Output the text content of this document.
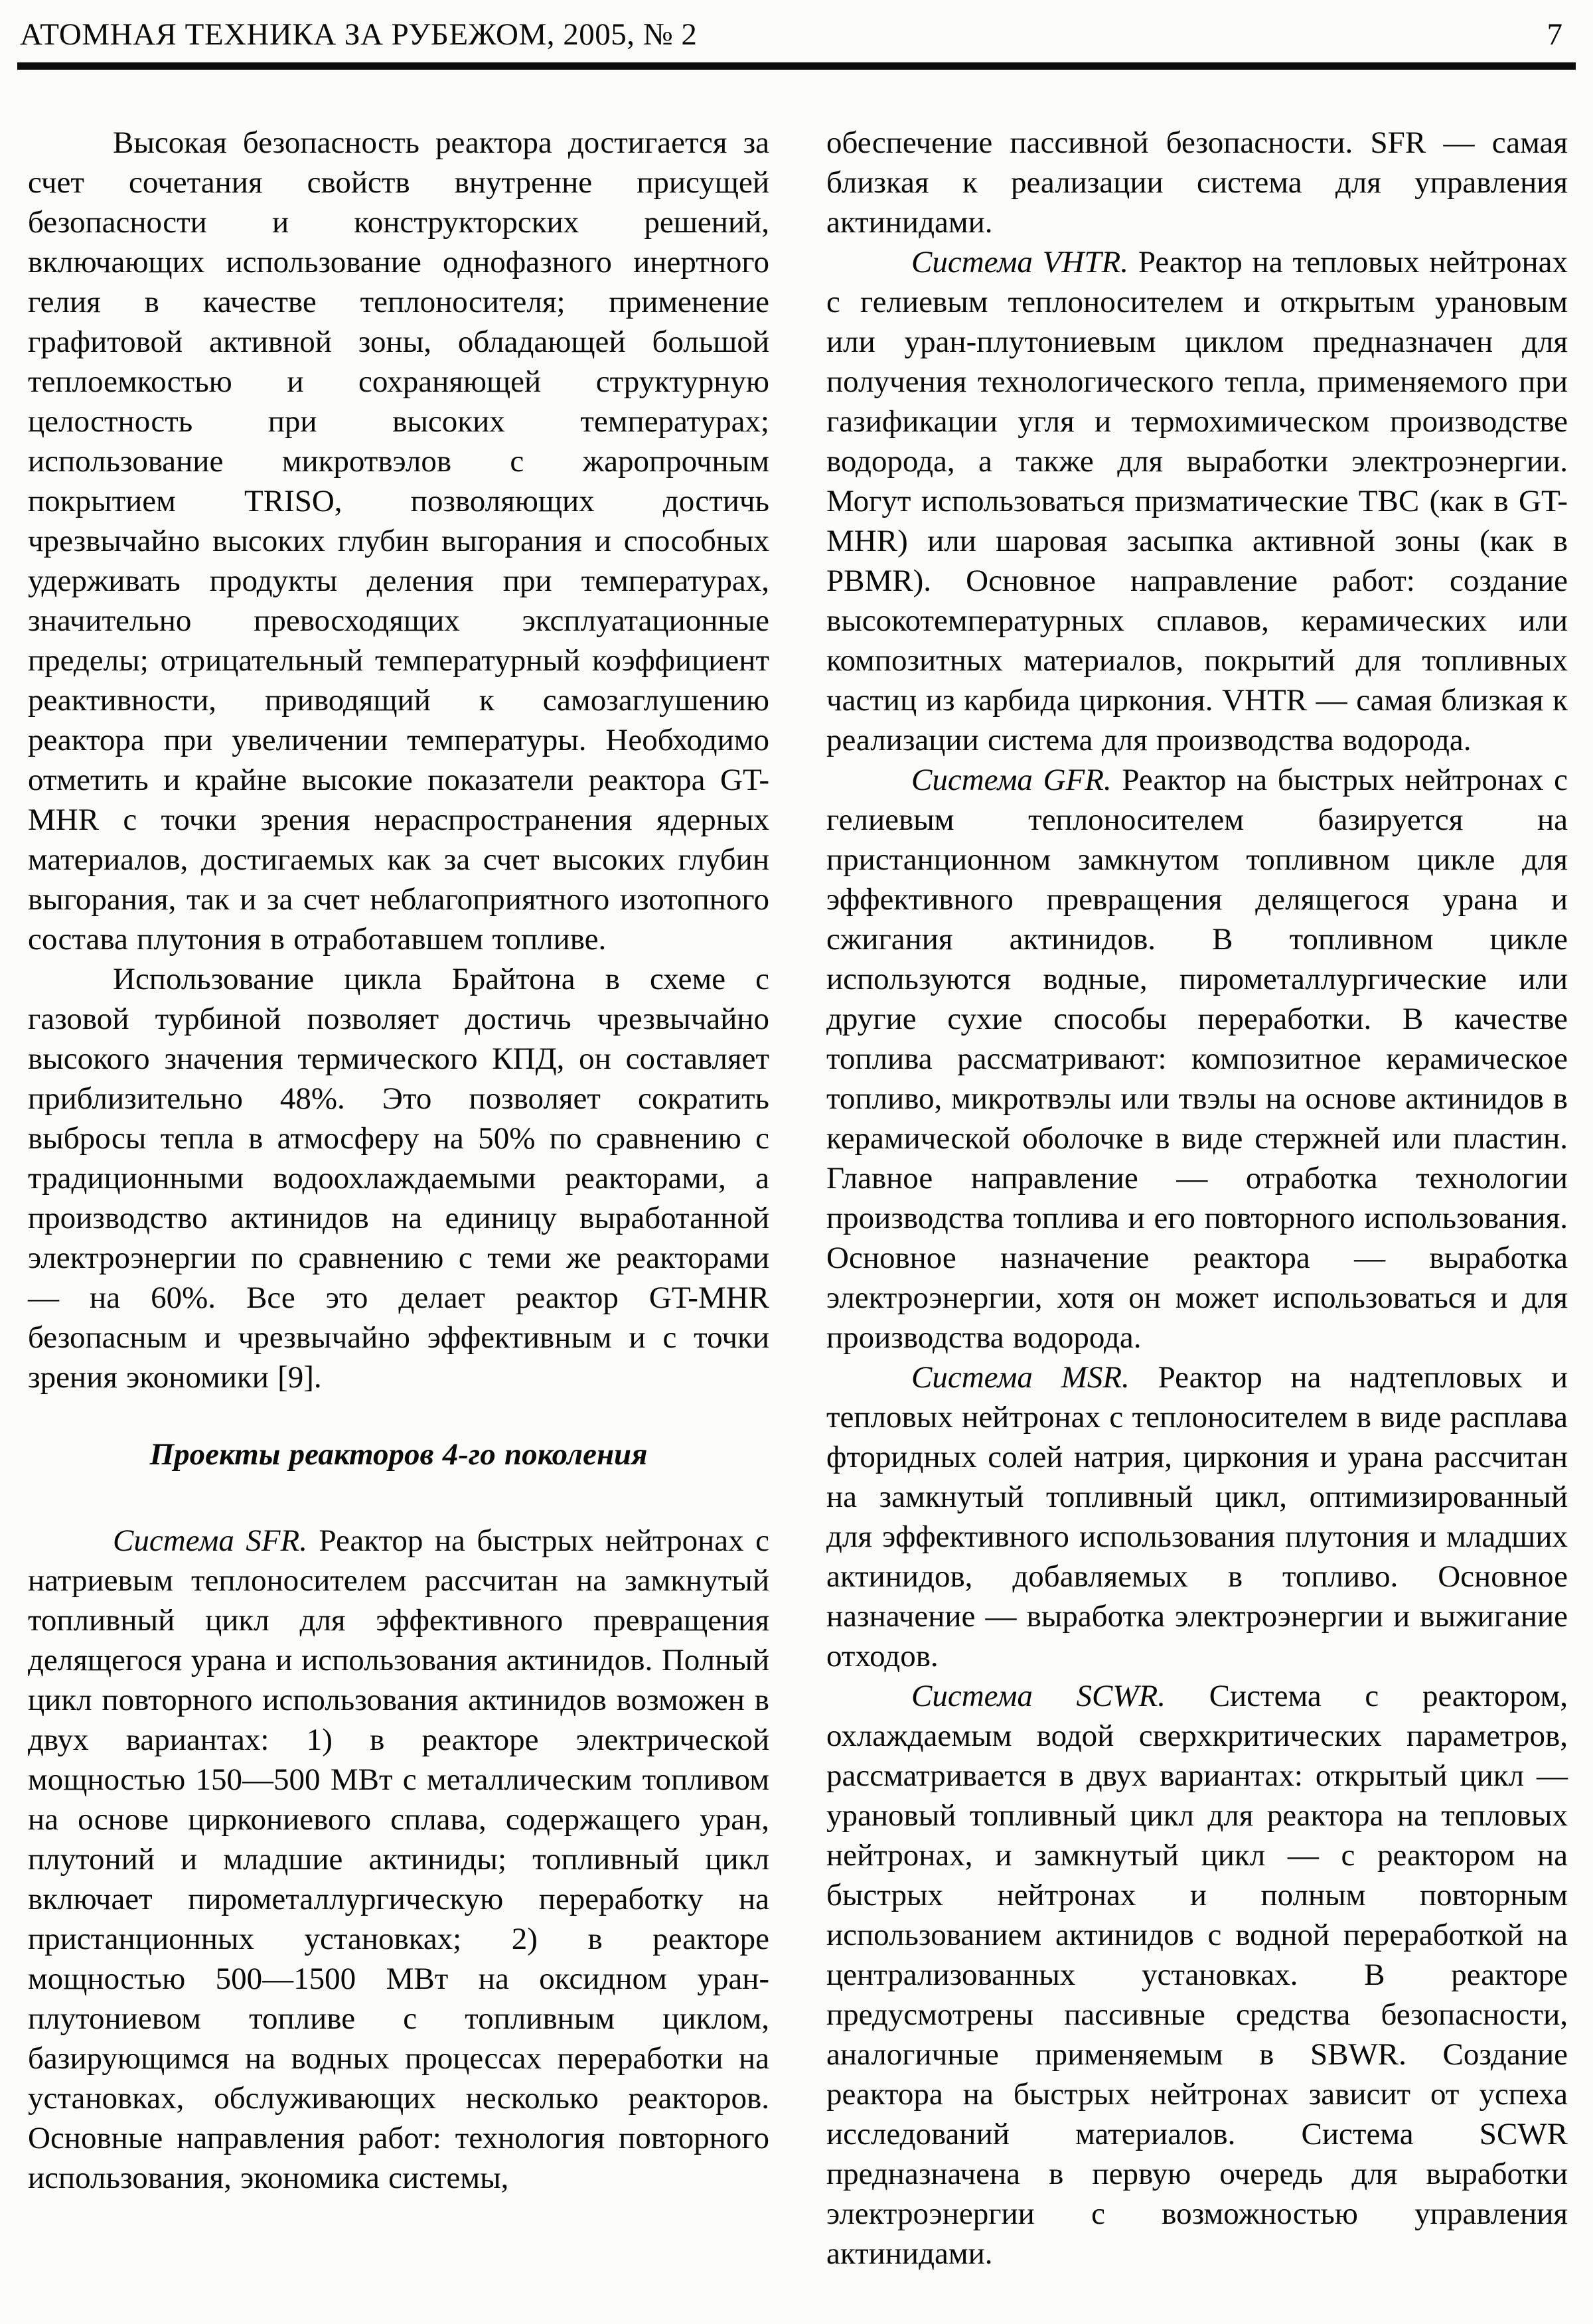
АТОМНАЯ ТЕХНИКА ЗА РУБЕЖОМ, 2005, № 2	7

Высокая безопасность реактора достигается за счет сочетания свойств внутренне присущей безопасности и конструкторских решений, включающих использование однофазного инертного гелия в качестве теплоносителя; применение графитовой активной зоны, обладающей большой теплоемкостью и сохраняющей структурную целостность при высоких температурах; использование микротвэлов с жаропрочным покрытием TRISO, позволяющих достичь чрезвычайно высоких глубин выгорания и способных удерживать продукты деления при температурах, значительно превосходящих эксплуатационные пределы; отрицательный температурный коэффициент реактивности, приводящий к самозаглушению реактора при увеличении температуры. Необходимо отметить и крайне высокие показатели реактора GT-MHR с точки зрения нераспространения ядерных материалов, достигаемых как за счет высоких глубин выгорания, так и за счет неблагоприятного изотопного состава плутония в отработавшем топливе.

Использование цикла Брайтона в схеме с газовой турбиной позволяет достичь чрезвычайно высокого значения термического КПД, он составляет приблизительно 48%. Это позволяет сократить выбросы тепла в атмосферу на 50% по сравнению с традиционными водоохлаждаемыми реакторами, а производство актинидов на единицу выработанной электроэнергии по сравнению с теми же реакторами — на 60%. Все это делает реактор GT-MHR безопасным и чрезвычайно эффективным и с точки зрения экономики [9].

Проекты реакторов 4-го поколения

Система SFR. Реактор на быстрых нейтронах с натриевым теплоносителем рассчитан на замкнутый топливный цикл для эффективного превращения делящегося урана и использования актинидов. Полный цикл повторного использования актинидов возможен в двух вариантах: 1) в реакторе электрической мощностью 150—500 МВт с металлическим топливом на основе циркониевого сплава, содержащего уран, плутоний и младшие актиниды; топливный цикл включает пирометаллургическую переработку на пристанционных установках; 2) в реакторе мощностью 500—1500 МВт на оксидном уран-плутониевом топливе с топливным циклом, базирующимся на водных процессах переработки на установках, обслуживающих несколько реакторов. Основные направления работ: технология повторного использования, экономика системы,

обеспечение пассивной безопасности. SFR — самая близкая к реализации система для управления актинидами.

Система VHTR. Реактор на тепловых нейтронах с гелиевым теплоносителем и открытым урановым или уран-плутониевым циклом предназначен для получения технологического тепла, применяемого при газификации угля и термохимическом производстве водорода, а также для выработки электроэнергии. Могут использоваться призматические ТВС (как в GT-MHR) или шаровая засыпка активной зоны (как в PBMR). Основное направление работ: создание высокотемпературных сплавов, керамических или композитных материалов, покрытий для топливных частиц из карбида циркония. VHTR — самая близкая к реализации система для производства водорода.

Система GFR. Реактор на быстрых нейтронах с гелиевым теплоносителем базируется на пристанционном замкнутом топливном цикле для эффективного превращения делящегося урана и сжигания актинидов. В топливном цикле используются водные, пирометаллургические или другие сухие способы переработки. В качестве топлива рассматривают: композитное керамическое топливо, микротвэлы или твэлы на основе актинидов в керамической оболочке в виде стержней или пластин. Главное направление — отработка технологии производства топлива и его повторного использования. Основное назначение реактора — выработка электроэнергии, хотя он может использоваться и для производства водорода.

Система MSR. Реактор на надтепловых и тепловых нейтронах с теплоносителем в виде расплава фторидных солей натрия, циркония и урана рассчитан на замкнутый топливный цикл, оптимизированный для эффективного использования плутония и младших актинидов, добавляемых в топливо. Основное назначение — выработка электроэнергии и выжигание отходов.

Система SCWR. Система с реактором, охлаждаемым водой сверхкритических параметров, рассматривается в двух вариантах: открытый цикл — урановый топливный цикл для реактора на тепловых нейтронах, и замкнутый цикл — с реактором на быстрых нейтронах и полным повторным использованием актинидов с водной переработкой на централизованных установках. В реакторе предусмотрены пассивные средства безопасности, аналогичные применяемым в SBWR. Создание реактора на быстрых нейтронах зависит от успеха исследований материалов. Система SCWR предназначена в первую очередь для выработки электроэнергии с возможностью управления актинидами.
